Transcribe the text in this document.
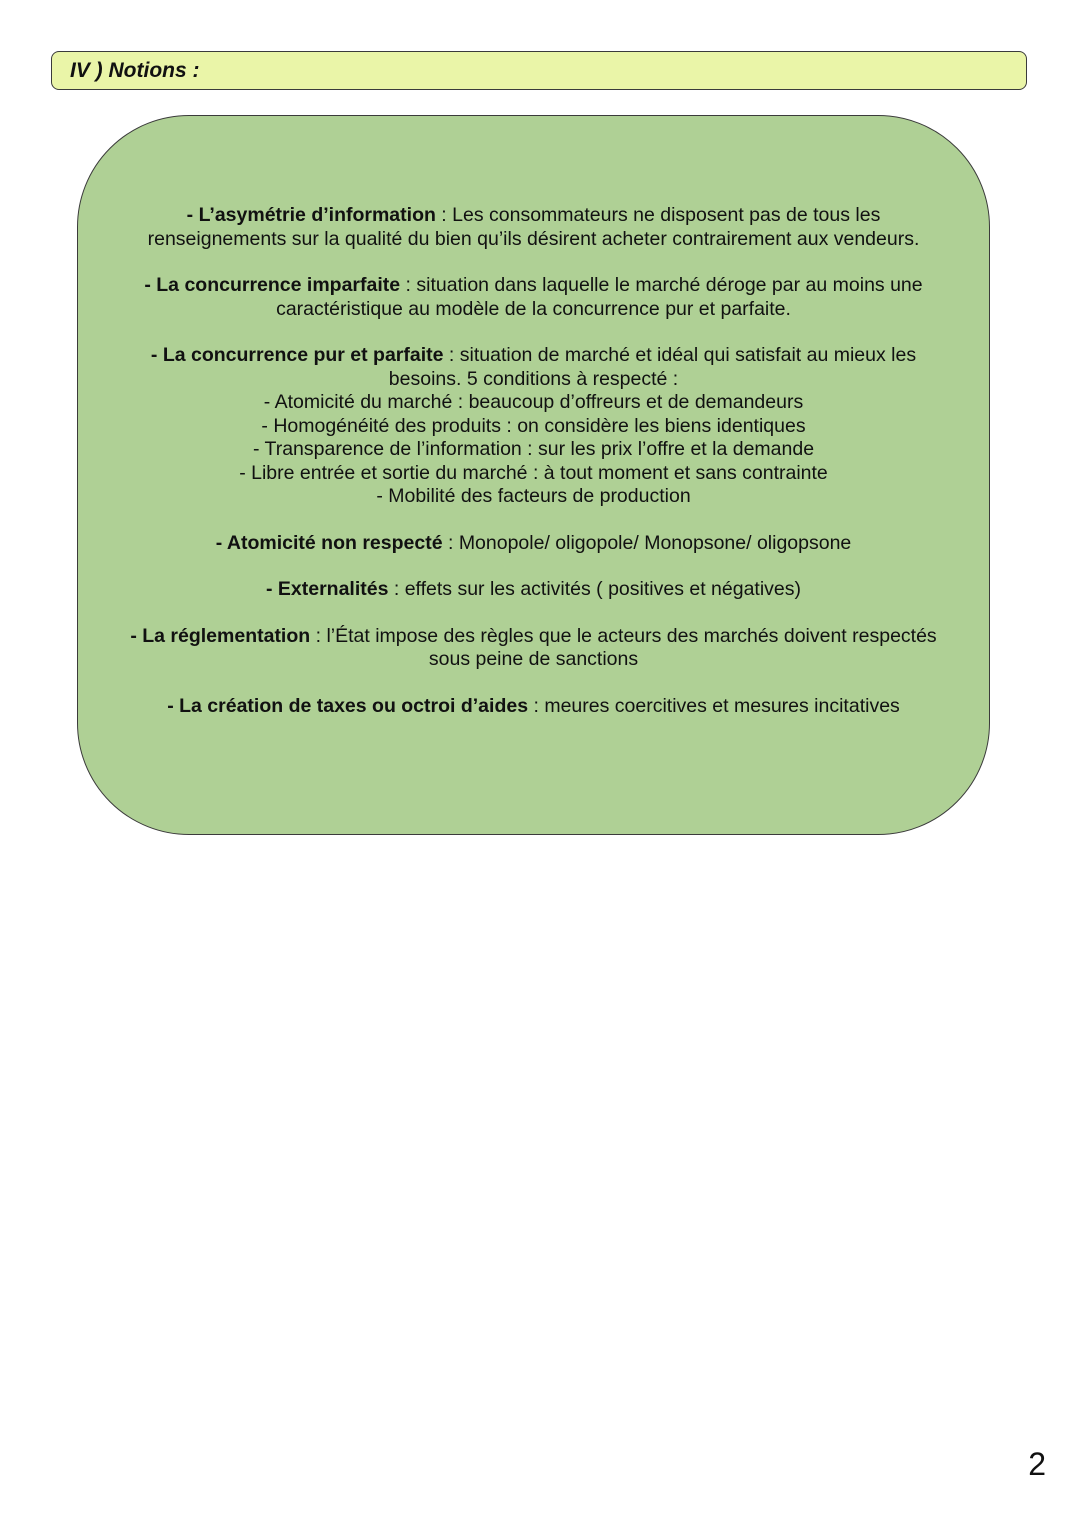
IV ) Notions :

- L’asymétrie d’information : Les consommateurs ne disposent pas de tous les renseignements sur la qualité du bien qu’ils désirent acheter contrairement aux vendeurs.

- La concurrence imparfaite : situation dans laquelle le marché déroge par au moins une caractéristique au modèle de la concurrence pur et parfaite.

- La concurrence pur et parfaite : situation de marché et idéal qui satisfait au mieux les besoins. 5 conditions à respecté :
- Atomicité du marché : beaucoup d’offreurs et de demandeurs
- Homogénéité des produits : on considère les biens identiques
- Transparence de l’information : sur les prix l’offre et la demande
- Libre entrée et sortie du marché : à tout moment et sans contrainte
- Mobilité des facteurs de production

- Atomicité non respecté : Monopole/ oligopole/ Monopsone/ oligopsone

- Externalités : effets sur les activités ( positives et négatives)

- La réglementation : l’État impose des règles que le acteurs des marchés doivent respectés sous peine de sanctions

- La création de taxes ou octroi d’aides : meures coercitives et mesures incitatives

2
